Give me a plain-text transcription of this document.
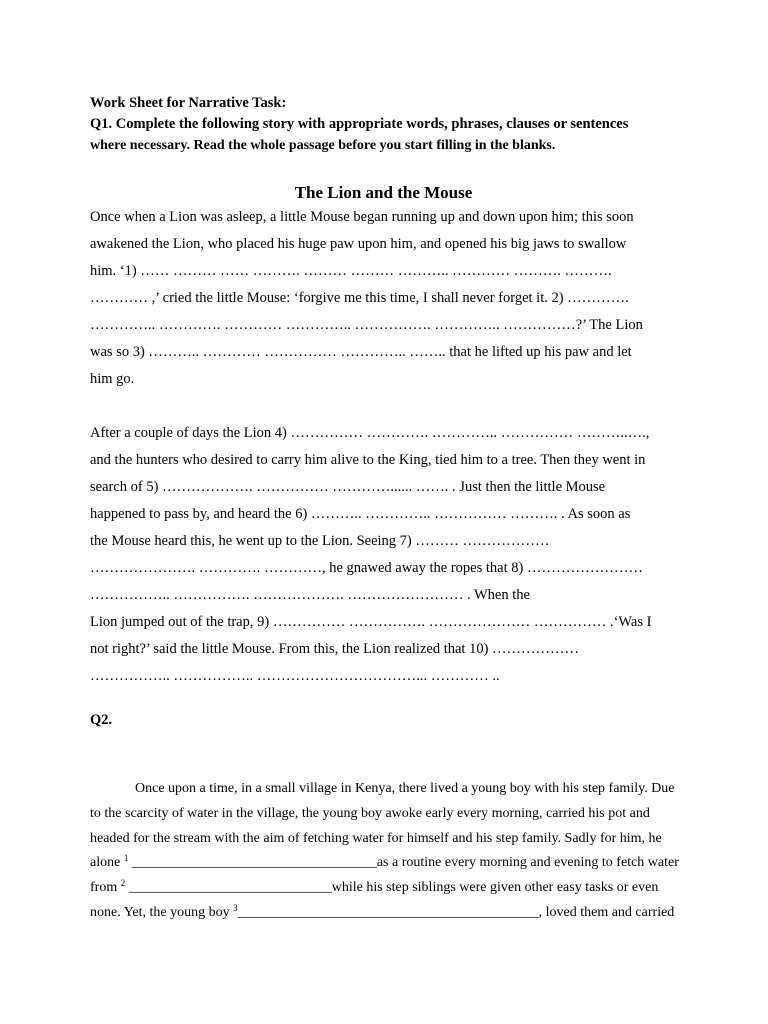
Work Sheet for Narrative Task:
Q1. Complete the following story with appropriate words, phrases, clauses or sentences
where necessary. Read the whole passage before you start filling in the blanks.
The Lion and the Mouse
Once when a Lion was asleep, a little Mouse began running up and down upon him; this soon
awakened the Lion, who placed his huge paw upon him, and opened his big jaws to swallow
him. ‘1) …… ……… …… ………. ……… ……… ……….. ………… ………. ……….
………… ,’ cried the little Mouse: ‘forgive me this time, I shall never forget it. 2) ………….
………….. …………. ………… ………….. ……………. ………….. ……………?’ The Lion
was so 3) ……….. ………… …………… ………….. …….. that he lifted up his paw and let
him go.
After a couple of days the Lion 4) …………… …………. ………….. …………… ………..….,
and the hunters who desired to carry him alive to the King, tied him to a tree. Then they went in
search of 5) ………………. …………… …………...... ……. . Just then the little Mouse
happened to pass by, and heard the 6) ……….. ………….. …………… ………. . As soon as
the Mouse heard this, he went up to the Lion. Seeing 7) ……… ………………
…………………. …………. …………, he gnawed away the ropes that 8) ……………………
…………….. ……………. ………………. …………………… . When the
Lion jumped out of the trap, 9) …………… ……………. ………………… …………… .‘Was I
not right?’ said the little Mouse. From this, the Lion realized that 10) ………………
…………….. …………….. ……………………………... ………… ..
Q2.
Once upon a time, in a small village in Kenya, there lived a young boy with his step family. Due
to the scarcity of water in the village, the young boy awoke early every morning, carried his pot and
headed for the stream with the aim of fetching water for himself and his step family. Sadly for him, he
alone $^1$ ___________________________________as a routine every morning and evening to fetch water
from $^2$ _____________________________while his step siblings were given other easy tasks or even
none. Yet, the young boy $^3$___________________________________________, loved them and carried
